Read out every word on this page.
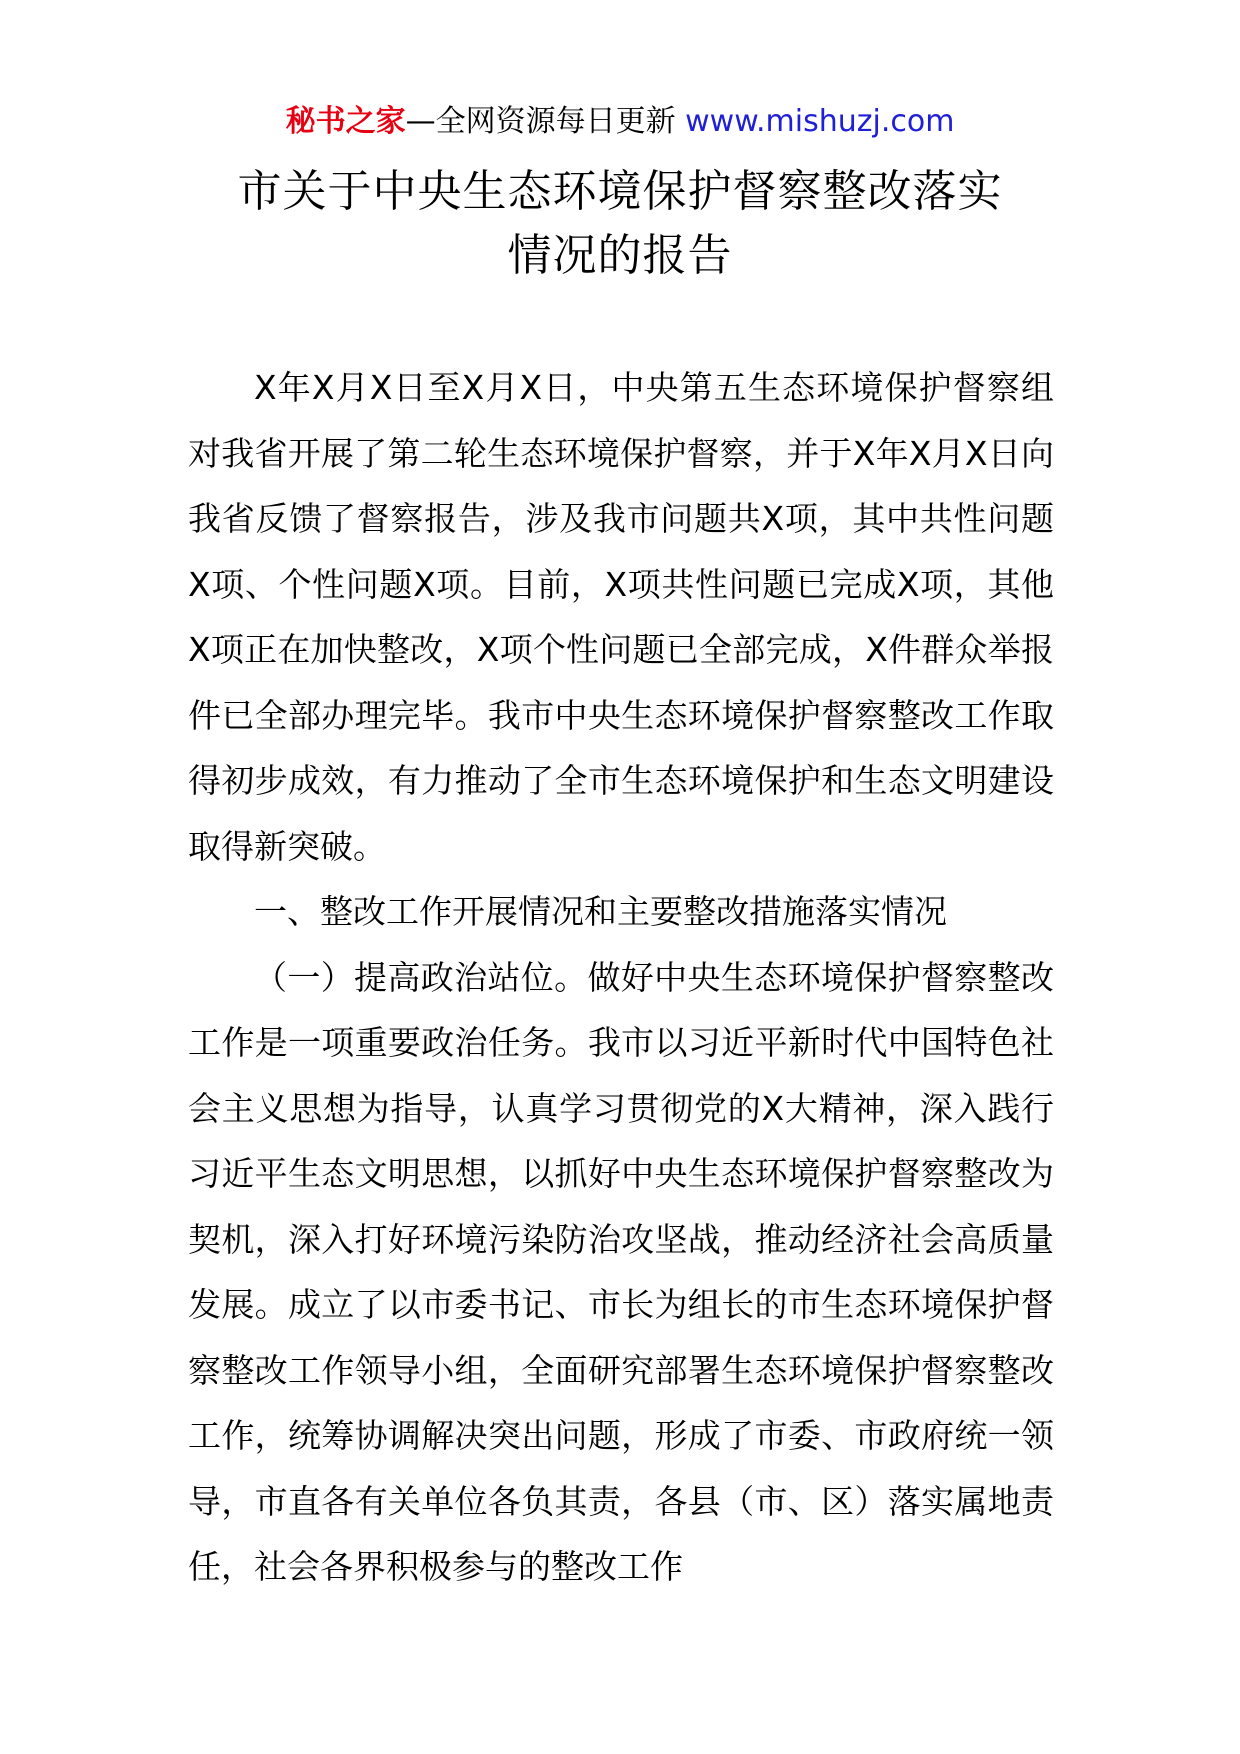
秘书之家—全网资源每日更新 www.mishuzj.com
市关于中央生态环境保护督察整改落实
情况的报告

X年X月X日至X月X日，中央第五生态环境保护督察组对我省开展了第二轮生态环境保护督察，并于X年X月X日向我省反馈了督察报告，涉及我市问题共X项，其中共性问题X项、个性问题X项。目前，X项共性问题已完成X项，其他X项正在加快整改，X项个性问题已全部完成，X件群众举报件已全部办理完毕。我市中央生态环境保护督察整改工作取得初步成效，有力推动了全市生态环境保护和生态文明建设取得新突破。

一、整改工作开展情况和主要整改措施落实情况

（一）提高政治站位。做好中央生态环境保护督察整改工作是一项重要政治任务。我市以习近平新时代中国特色社会主义思想为指导，认真学习贯彻党的X大精神，深入践行习近平生态文明思想，以抓好中央生态环境保护督察整改为契机，深入打好环境污染防治攻坚战，推动经济社会高质量发展。成立了以市委书记、市长为组长的市生态环境保护督察整改工作领导小组，全面研究部署生态环境保护督察整改工作，统筹协调解决突出问题，形成了市委、市政府统一领导，市直各有关单位各负其责，各县（市、区）落实属地责任，社会各界积极参与的整改工作
